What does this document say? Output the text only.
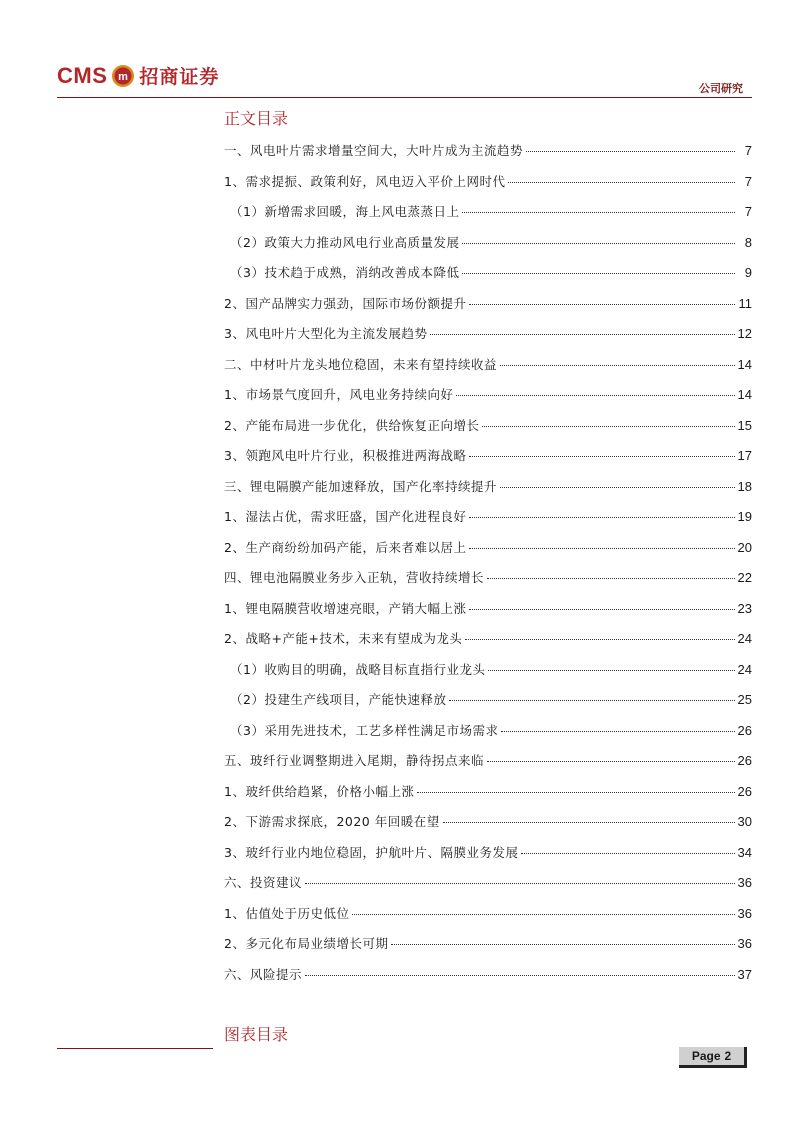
CMS m 招商证券
公司研究
正文目录
一、风电叶片需求增量空间大，大叶片成为主流趋势	7
1、需求提振、政策利好，风电迈入平价上网时代	7
（1）新增需求回暖，海上风电蒸蒸日上	7
（2）政策大力推动风电行业高质量发展	8
（3）技术趋于成熟，消纳改善成本降低	9
2、国产品牌实力强劲，国际市场份额提升	11
3、风电叶片大型化为主流发展趋势	12
二、中材叶片龙头地位稳固，未来有望持续收益	14
1、市场景气度回升，风电业务持续向好	14
2、产能布局进一步优化，供给恢复正向增长	15
3、领跑风电叶片行业，积极推进两海战略	17
三、锂电隔膜产能加速释放，国产化率持续提升	18
1、湿法占优，需求旺盛，国产化进程良好	19
2、生产商纷纷加码产能，后来者难以居上	20
四、锂电池隔膜业务步入正轨，营收持续增长	22
1、锂电隔膜营收增速亮眼，产销大幅上涨	23
2、战略+产能+技术，未来有望成为龙头	24
（1）收购目的明确，战略目标直指行业龙头	24
（2）投建生产线项目，产能快速释放	25
（3）采用先进技术，工艺多样性满足市场需求	26
五、玻纤行业调整期进入尾期，静待拐点来临	26
1、玻纤供给趋紧，价格小幅上涨	26
2、下游需求探底，2020 年回暖在望	30
3、玻纤行业内地位稳固，护航叶片、隔膜业务发展	34
六、投资建议	36
1、估值处于历史低位	36
2、多元化布局业绩增长可期	36
六、风险提示	37
图表目录
Page 2
